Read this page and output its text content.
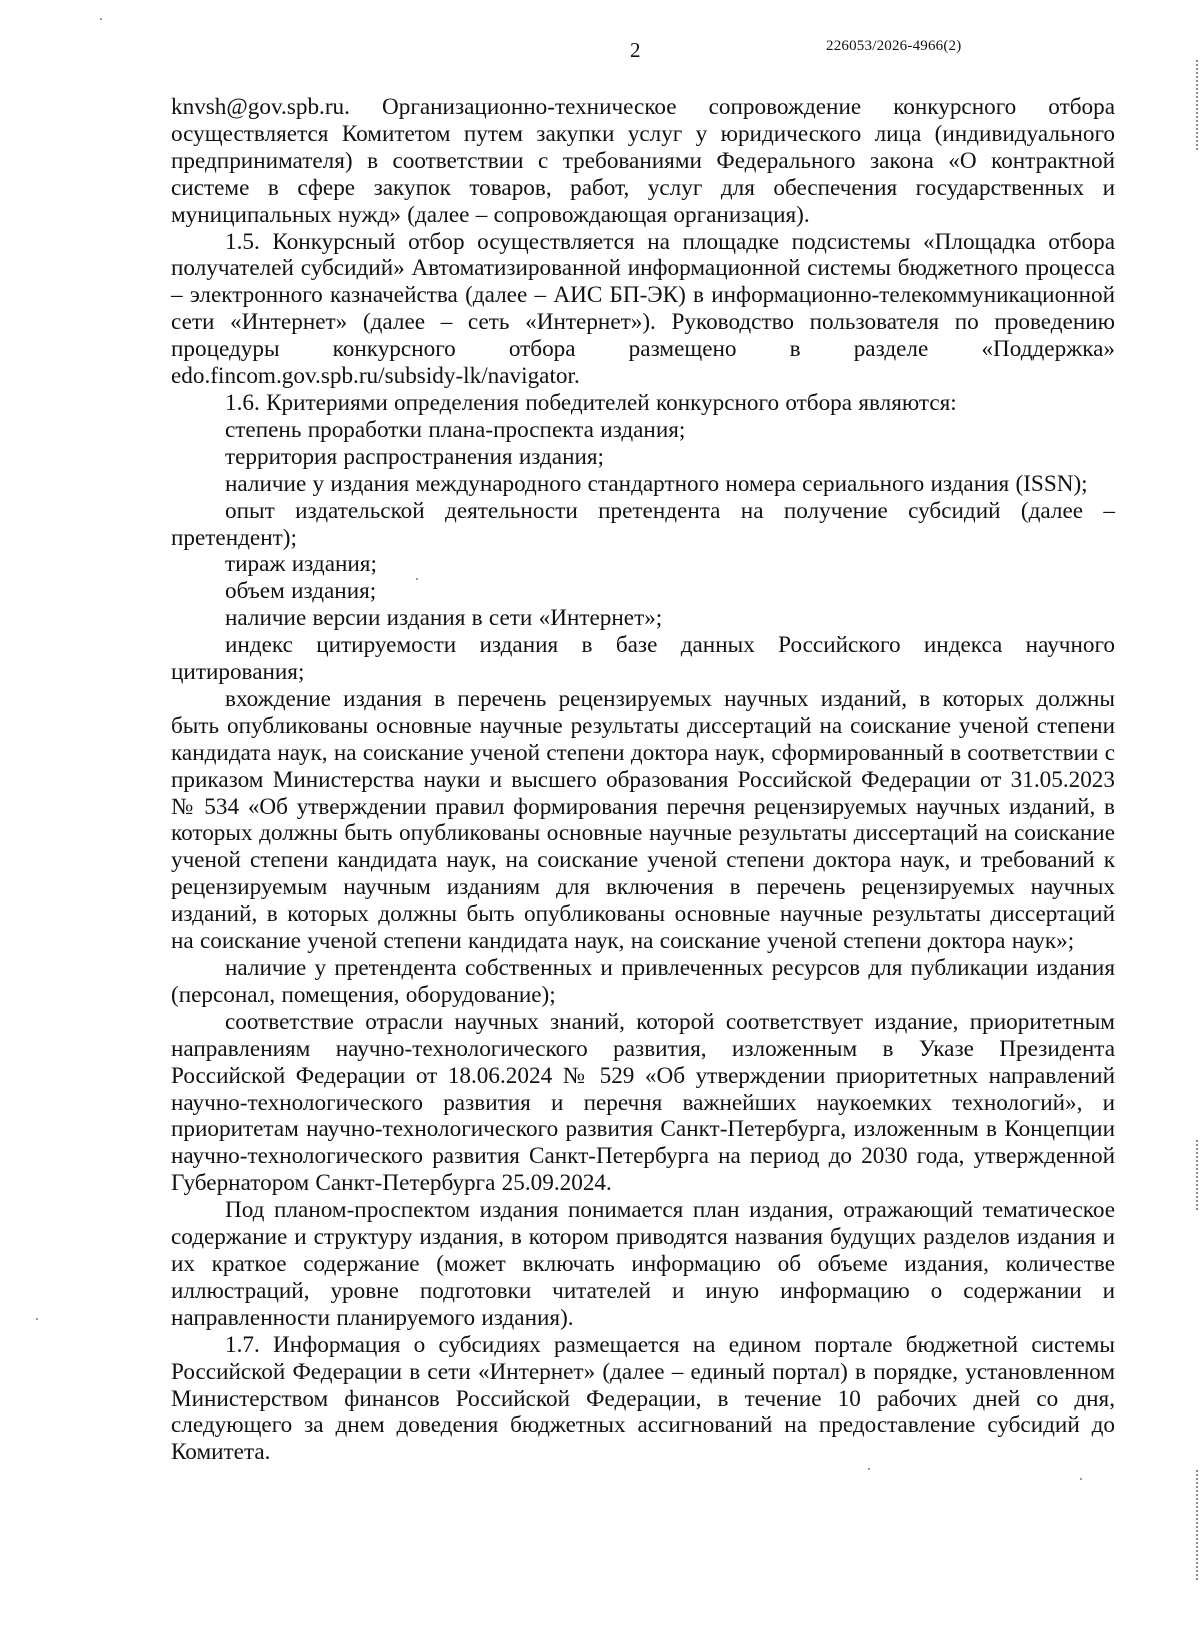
2	226053/2026-4966(2)

knvsh@gov.spb.ru. Организационно-техническое сопровождение конкурсного отбора осуществляется Комитетом путем закупки услуг у юридического лица (индивидуального предпринимателя) в соответствии с требованиями Федерального закона «О контрактной системе в сфере закупок товаров, работ, услуг для обеспечения государственных и муниципальных нужд» (далее – сопровождающая организация).

1.5. Конкурсный отбор осуществляется на площадке подсистемы «Площадка отбора получателей субсидий» Автоматизированной информационной системы бюджетного процесса – электронного казначейства (далее – АИС БП-ЭК) в информационно-телекоммуникационной сети «Интернет» (далее – сеть «Интернет»). Руководство пользователя по проведению процедуры конкурсного отбора размещено в разделе «Поддержка» edo.fincom.gov.spb.ru/subsidy-lk/navigator.

1.6. Критериями определения победителей конкурсного отбора являются:

степень проработки плана-проспекта издания;

территория распространения издания;

наличие у издания международного стандартного номера сериального издания (ISSN);

опыт издательской деятельности претендента на получение субсидий (далее – претендент);

тираж издания;

объем издания;

наличие версии издания в сети «Интернет»;

индекс цитируемости издания в базе данных Российского индекса научного цитирования;

вхождение издания в перечень рецензируемых научных изданий, в которых должны быть опубликованы основные научные результаты диссертаций на соискание ученой степени кандидата наук, на соискание ученой степени доктора наук, сформированный в соответствии с приказом Министерства науки и высшего образования Российской Федерации от 31.05.2023 № 534 «Об утверждении правил формирования перечня рецензируемых научных изданий, в которых должны быть опубликованы основные научные результаты диссертаций на соискание ученой степени кандидата наук, на соискание ученой степени доктора наук, и требований к рецензируемым научным изданиям для включения в перечень рецензируемых научных изданий, в которых должны быть опубликованы основные научные результаты диссертаций на соискание ученой степени кандидата наук, на соискание ученой степени доктора наук»;

наличие у претендента собственных и привлеченных ресурсов для публикации издания (персонал, помещения, оборудование);

соответствие отрасли научных знаний, которой соответствует издание, приоритетным направлениям научно-технологического развития, изложенным в Указе Президента Российской Федерации от 18.06.2024 № 529 «Об утверждении приоритетных направлений научно-технологического развития и перечня важнейших наукоемких технологий», и приоритетам научно-технологического развития Санкт-Петербурга, изложенным в Концепции научно-технологического развития Санкт-Петербурга на период до 2030 года, утвержденной Губернатором Санкт-Петербурга 25.09.2024.

Под планом-проспектом издания понимается план издания, отражающий тематическое содержание и структуру издания, в котором приводятся названия будущих разделов издания и их краткое содержание (может включать информацию об объеме издания, количестве иллюстраций, уровне подготовки читателей и иную информацию о содержании и направленности планируемого издания).

1.7. Информация о субсидиях размещается на едином портале бюджетной системы Российской Федерации в сети «Интернет» (далее – единый портал) в порядке, установленном Министерством финансов Российской Федерации, в течение 10 рабочих дней со дня, следующего за днем доведения бюджетных ассигнований на предоставление субсидий до Комитета.
